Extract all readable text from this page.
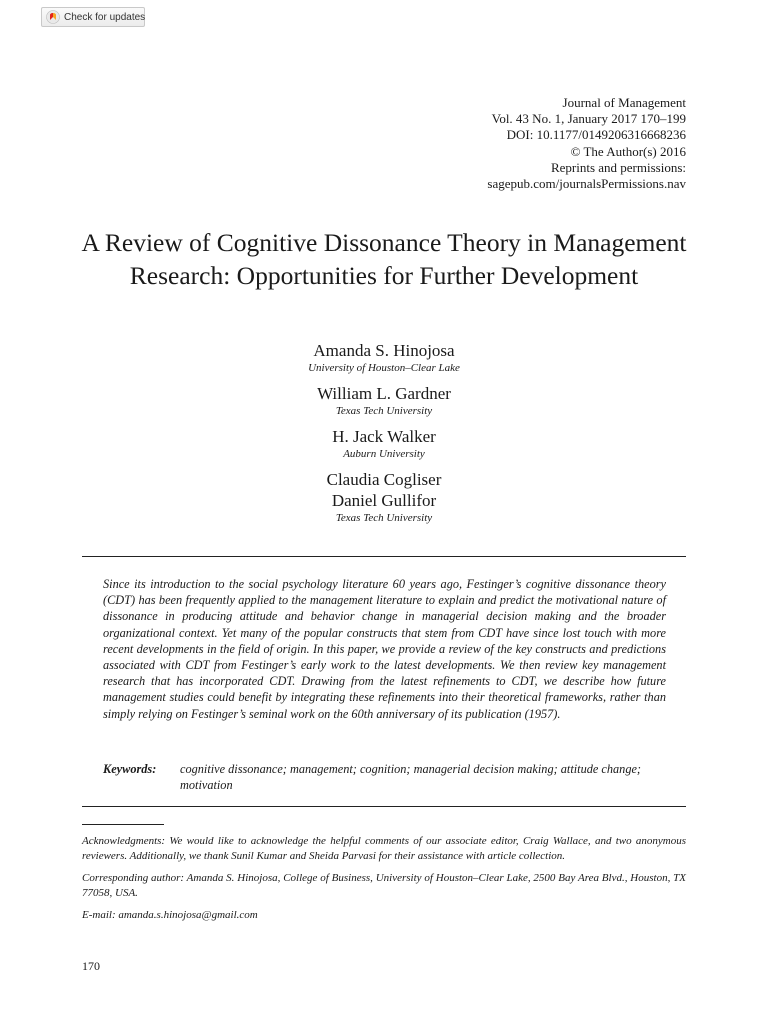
Check for updates
Journal of Management
Vol. 43 No. 1, January 2017 170–199
DOI: 10.1177/0149206316668236
© The Author(s) 2016
Reprints and permissions:
sagepub.com/journalsPermissions.nav
A Review of Cognitive Dissonance Theory in Management Research: Opportunities for Further Development
Amanda S. Hinojosa
University of Houston–Clear Lake
William L. Gardner
Texas Tech University
H. Jack Walker
Auburn University
Claudia Cogliser
Daniel Gullifor
Texas Tech University

Since its introduction to the social psychology literature 60 years ago, Festinger’s cognitive dissonance theory (CDT) has been frequently applied to the management literature to explain and predict the motivational nature of dissonance in producing attitude and behavior change in managerial decision making and the broader organizational context. Yet many of the popular constructs that stem from CDT have since lost touch with more recent developments in the field of origin. In this paper, we provide a review of the key constructs and predictions associated with CDT from Festinger’s early work to the latest developments. We then review key management research that has incorporated CDT. Drawing from the latest refinements to CDT, we describe how future management studies could benefit by integrating these refinements into their theoretical frameworks, rather than simply relying on Festinger’s seminal work on the 60th anniversary of its publication (1957).

Keywords:	cognitive dissonance; management; cognition; managerial decision making; attitude change; motivation

Acknowledgments: We would like to acknowledge the helpful comments of our associate editor, Craig Wallace, and two anonymous reviewers. Additionally, we thank Sunil Kumar and Sheida Parvasi for their assistance with article collection.

Corresponding author: Amanda S. Hinojosa, College of Business, University of Houston–Clear Lake, 2500 Bay Area Blvd., Houston, TX 77058, USA.

E-mail: amanda.s.hinojosa@gmail.com

170
